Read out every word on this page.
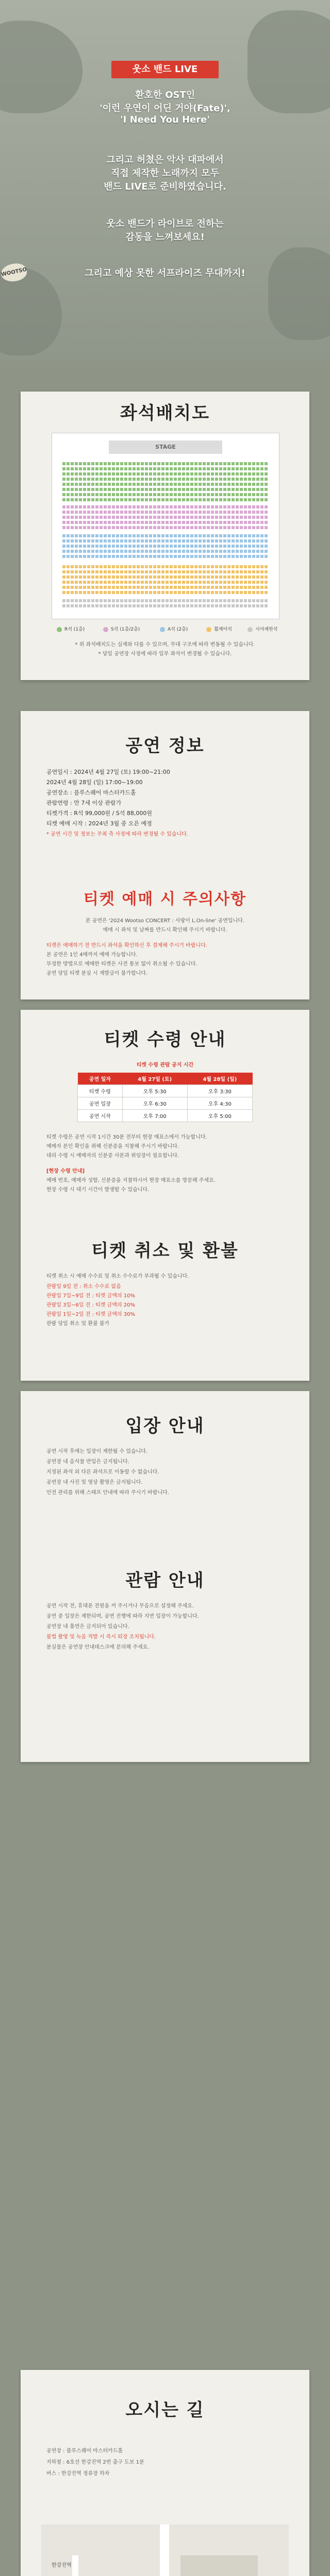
웃소 밴드 LIVE
환호한 OST인
'이런 우연이 어딘 거야(Fate)',
'I Need You Here'
그리고 허쳤은 악사 대파에서
직접 제작한 노래까지 모두
밴드 LIVE로 준비하였습니다.
웃소 밴드가 라이브로 전하는
감동을 느껴보세요!
그리고 예상 못한 서프라이즈 무대까지!
WOOTSO
좌석배치도
STAGE
R석 (1층)	S석 (1층/2층)	A석 (2층)	휠체어석	시야제한석
* 위 좌석배치도는 실제와 다를 수 있으며, 무대 구조에 따라 변동될 수 있습니다.
* 당일 공연장 사정에 따라 일부 좌석이 변경될 수 있습니다.
공연 정보
공연일시 : 2024년 4월 27일 (토) 19:00~21:00
2024년 4월 28일 (일) 17:00~19:00
공연장소 : 블루스퀘어 마스터카드홀
관람연령 : 만 7세 이상 관람가
티켓가격 : R석 99,000원 / S석 88,000원
티켓 예매 시작 : 2024년 3월 중 오픈 예정
* 공연 시간 및 정보는 주최 측 사정에 따라 변경될 수 있습니다.
티켓 예매 시 주의사항
본 공연은 '2024 Wootso CONCERT : 사랑이 L.On-line' 공연입니다.
예매 시 좌석 및 날짜를 반드시 확인해 주시기 바랍니다.
티켓은 예매하기 전 반드시 좌석을 확인하신 후 결제해 주시기 바랍니다.
본 공연은 1인 4매까지 예매 가능합니다.
부정한 방법으로 예매한 티켓은 사전 통보 없이 취소될 수 있습니다.
공연 당일 티켓 분실 시 재발급이 불가합니다.
티켓 수령 안내
티켓 수령 관람 공지 시간
공연 일자	4월 27일 (토)	4월 28일 (일)
티켓 수령	오후 5:30	오후 3:30
공연 입장	오후 6:30	오후 4:30
공연 시작	오후 7:00	오후 5:00
티켓 수령은 공연 시작 1시간 30분 전부터 현장 매표소에서 가능합니다.
예매자 본인 확인을 위해 신분증을 지참해 주시기 바랍니다.
대리 수령 시 예매자의 신분증 사본과 위임장이 필요합니다.
[현장 수령 안내]
예매 번호, 예매자 성함, 신분증을 지참하시어 현장 매표소를 방문해 주세요.
현장 수령 시 대기 시간이 발생할 수 있습니다.
티켓 취소 및 환불
티켓 취소 시 예매 수수료 및 취소 수수료가 부과될 수 있습니다.
관람일 9일 전 : 취소 수수료 없음
관람일 7일~9일 전 : 티켓 금액의 10%
관람일 3일~6일 전 : 티켓 금액의 20%
관람일 1일~2일 전 : 티켓 금액의 30%
관람 당일 취소 및 환불 불가
입장 안내
공연 시작 후에는 입장이 제한될 수 있습니다.
공연장 내 음식물 반입은 금지됩니다.
지정된 좌석 외 다른 좌석으로 이동할 수 없습니다.
공연장 내 사진 및 영상 촬영은 금지됩니다.
안전 관리를 위해 스태프 안내에 따라 주시기 바랍니다.
관람 안내
공연 시작 전, 휴대폰 전원을 꺼 주시거나 무음으로 설정해 주세요.
공연 중 입장은 제한되며, 공연 진행에 따라 지연 입장이 가능합니다.
공연장 내 흡연은 금지되어 있습니다.
불법 촬영 및 녹음 적발 시 즉시 퇴장 조치됩니다.
분실물은 공연장 안내데스크에 문의해 주세요.
오시는 길
공연장 : 블루스퀘어 마스터카드홀
지하철 : 6호선 한강진역 2번 출구 도보 1분
버스 : 한강진역 정류장 하차
한강진역
